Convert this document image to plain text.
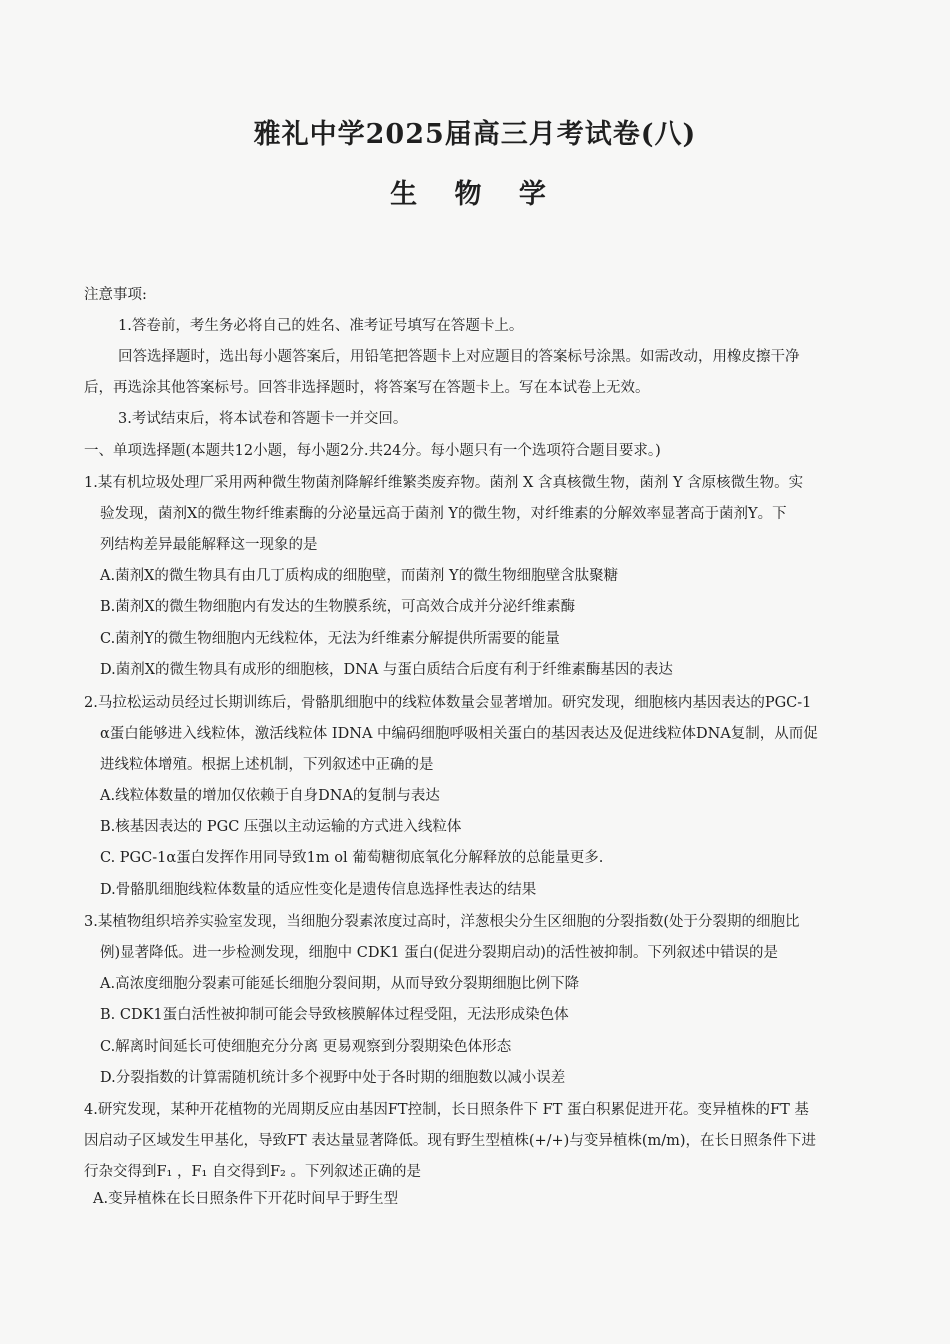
雅礼中学2025届高三月考试卷(八)
生 物 学
注意事项:
1.答卷前，考生务必将自己的姓名、准考证号填写在答题卡上。
回答选择题时，选出每小题答案后，用铅笔把答题卡上对应题目的答案标号涂黑。如需改动，用橡皮擦干净
后，再选涂其他答案标号。回答非选择题时，将答案写在答题卡上。写在本试卷上无效。
3.考试结束后，将本试卷和答题卡一并交回。
一、单项选择题(本题共12小题，每小题2分.共24分。每小题只有一个选项符合题目要求。)
1.某有机垃圾处理厂采用两种微生物菌剂降解纤维繁类废弃物。菌剂 X 含真核微生物，菌剂 Y 含原核微生物。实
验发现，菌剂X的微生物纤维素酶的分泌量远高于菌剂 Y的微生物，对纤维素的分解效率显著高于菌剂Y。下
列结构差异最能解释这一现象的是
A.菌剂X的微生物具有由几丁质构成的细胞壁，而菌剂 Y的微生物细胞壁含肽聚糖
B.菌剂X的微生物细胞内有发达的生物膜系统，可高效合成并分泌纤维素酶
C.菌剂Y的微生物细胞内无线粒体，无法为纤维素分解提供所需要的能量
D.菌剂X的微生物具有成形的细胞核，DNA 与蛋白质结合后度有利于纤维素酶基因的表达
2.马拉松运动员经过长期训练后，骨骼肌细胞中的线粒体数量会显著增加。研究发现，细胞核内基因表达的PGC-1
α蛋白能够进入线粒体，激活线粒体 IDNA 中编码细胞呼吸相关蛋白的基因表达及促进线粒体DNA复制，从而促
进线粒体增殖。根据上述机制，下列叙述中正确的是
A.线粒体数量的增加仅依赖于自身DNA的复制与表达
B.核基因表达的 PGC 压强以主动运输的方式进入线粒体
C. PGC-1α蛋白发挥作用同导致1m ol 葡萄糖彻底氧化分解释放的总能量更多.
D.骨骼肌细胞线粒体数量的适应性变化是遗传信息选择性表达的结果
3.某植物组织培养实验室发现，当细胞分裂素浓度过高时，洋葱根尖分生区细胞的分裂指数(处于分裂期的细胞比
例)显著降低。进一步检测发现，细胞中 CDK1 蛋白(促进分裂期启动)的活性被抑制。下列叙述中错误的是
A.高浓度细胞分裂素可能延长细胞分裂间期，从而导致分裂期细胞比例下降
B. CDK1蛋白活性被抑制可能会导致核膜解体过程受阻，无法形成染色体
C.解离时间延长可使细胞充分分离 更易观察到分裂期染色体形态
D.分裂指数的计算需随机统计多个视野中处于各时期的细胞数以减小误差
4.研究发现，某种开花植物的光周期反应由基因FT控制，长日照条件下 FT 蛋白积累促进开花。变异植株的FT 基
因启动子区域发生甲基化，导致FT 表达量显著降低。现有野生型植株(+/+)与变异植株(m/m)，在长日照条件下进
行杂交得到F₁ ，F₁ 自交得到F₂ 。下列叙述正确的是
A.变异植株在长日照条件下开花时间早于野生型
